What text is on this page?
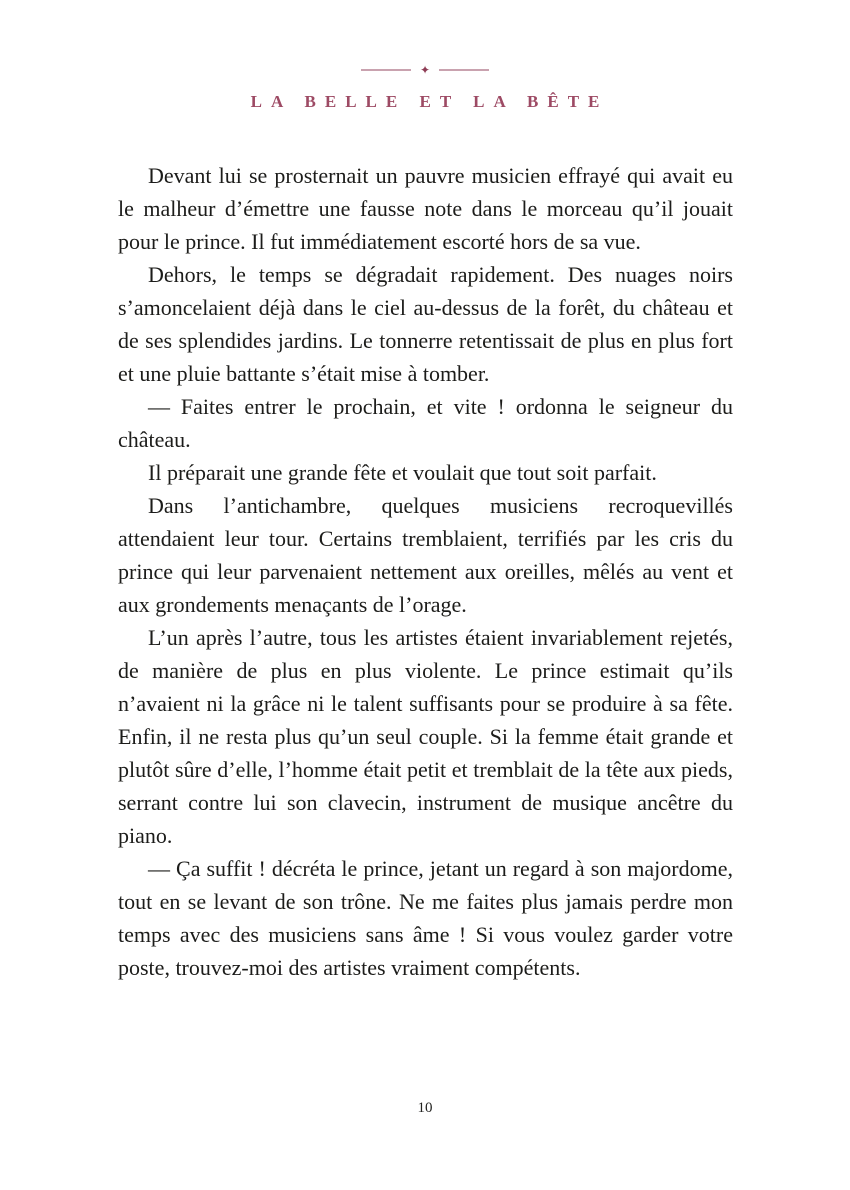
✦
LA BELLE ET LA BÊTE

Devant lui se prosternait un pauvre musicien effrayé qui avait eu le malheur d’émettre une fausse note dans le morceau qu’il jouait pour le prince. Il fut immédiatement escorté hors de sa vue.

Dehors, le temps se dégradait rapidement. Des nuages noirs s’amoncelaient déjà dans le ciel au-dessus de la forêt, du château et de ses splendides jardins. Le tonnerre retentissait de plus en plus fort et une pluie battante s’était mise à tomber.

— Faites entrer le prochain, et vite ! ordonna le seigneur du château.

Il préparait une grande fête et voulait que tout soit parfait.

Dans l’antichambre, quelques musiciens recroquevillés attendaient leur tour. Certains tremblaient, terrifiés par les cris du prince qui leur parvenaient nettement aux oreilles, mêlés au vent et aux grondements menaçants de l’orage.

L’un après l’autre, tous les artistes étaient invariablement rejetés, de manière de plus en plus violente. Le prince estimait qu’ils n’avaient ni la grâce ni le talent suffisants pour se produire à sa fête. Enfin, il ne resta plus qu’un seul couple. Si la femme était grande et plutôt sûre d’elle, l’homme était petit et tremblait de la tête aux pieds, serrant contre lui son clavecin, instrument de musique ancêtre du piano.

— Ça suffit ! décréta le prince, jetant un regard à son majordome, tout en se levant de son trône. Ne me faites plus jamais perdre mon temps avec des musiciens sans âme ! Si vous voulez garder votre poste, trouvez-moi des artistes vraiment compétents.

10
